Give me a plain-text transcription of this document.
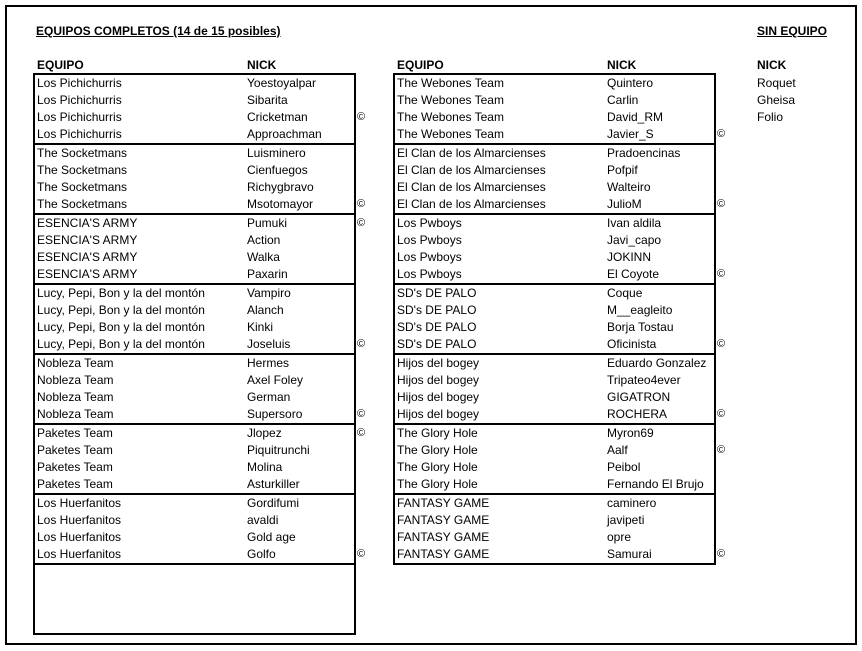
EQUIPOS COMPLETOS (14 de 15 posibles)	SIN EQUIPO
EQUIPO	NICK	EQUIPO	NICK	NICK
Los Pichichurris	Yoestoyalpar
Los Pichichurris	Sibarita
Los Pichichurris	Cricketman	©
Los Pichichurris	Approachman
The Socketmans	Luisminero
The Socketmans	Cienfuegos
The Socketmans	Richygbravo
The Socketmans	Msotomayor	©
ESENCIA'S ARMY	Pumuki	©
ESENCIA'S ARMY	Action
ESENCIA'S ARMY	Walka
ESENCIA'S ARMY	Paxarin
Lucy, Pepi, Bon y la del montón	Vampiro
Lucy, Pepi, Bon y la del montón	Alanch
Lucy, Pepi, Bon y la del montón	Kinki
Lucy, Pepi, Bon y la del montón	Joseluis	©
Nobleza Team	Hermes
Nobleza Team	Axel Foley
Nobleza Team	German
Nobleza Team	Supersoro	©
Paketes Team	Jlopez	©
Paketes Team	Piquitrunchi
Paketes Team	Molina
Paketes Team	Asturkiller
Los Huerfanitos	Gordifumi
Los Huerfanitos	avaldi
Los Huerfanitos	Gold age
Los Huerfanitos	Golfo	©
The Webones Team	Quintero
The Webones Team	Carlin
The Webones Team	David_RM
The Webones Team	Javier_S	©
El Clan de los Almarcienses	Pradoencinas
El Clan de los Almarcienses	Pofpif
El Clan de los Almarcienses	Walteiro
El Clan de los Almarcienses	JulioM	©
Los Pwboys	Ivan aldila
Los Pwboys	Javi_capo
Los Pwboys	JOKINN
Los Pwboys	El Coyote	©
SD's DE PALO	Coque
SD's DE PALO	M__eagleito
SD's DE PALO	Borja Tostau
SD's DE PALO	Oficinista	©
Hijos del bogey	Eduardo Gonzalez
Hijos del bogey	Tripateo4ever
Hijos del bogey	GIGATRON
Hijos del bogey	ROCHERA	©
The Glory Hole	Myron69
The Glory Hole	Aalf	©
The Glory Hole	Peibol
The Glory Hole	Fernando El Brujo
FANTASY GAME	caminero
FANTASY GAME	javipeti
FANTASY GAME	opre
FANTASY GAME	Samurai	©
Roquet
Gheisa
Folio
